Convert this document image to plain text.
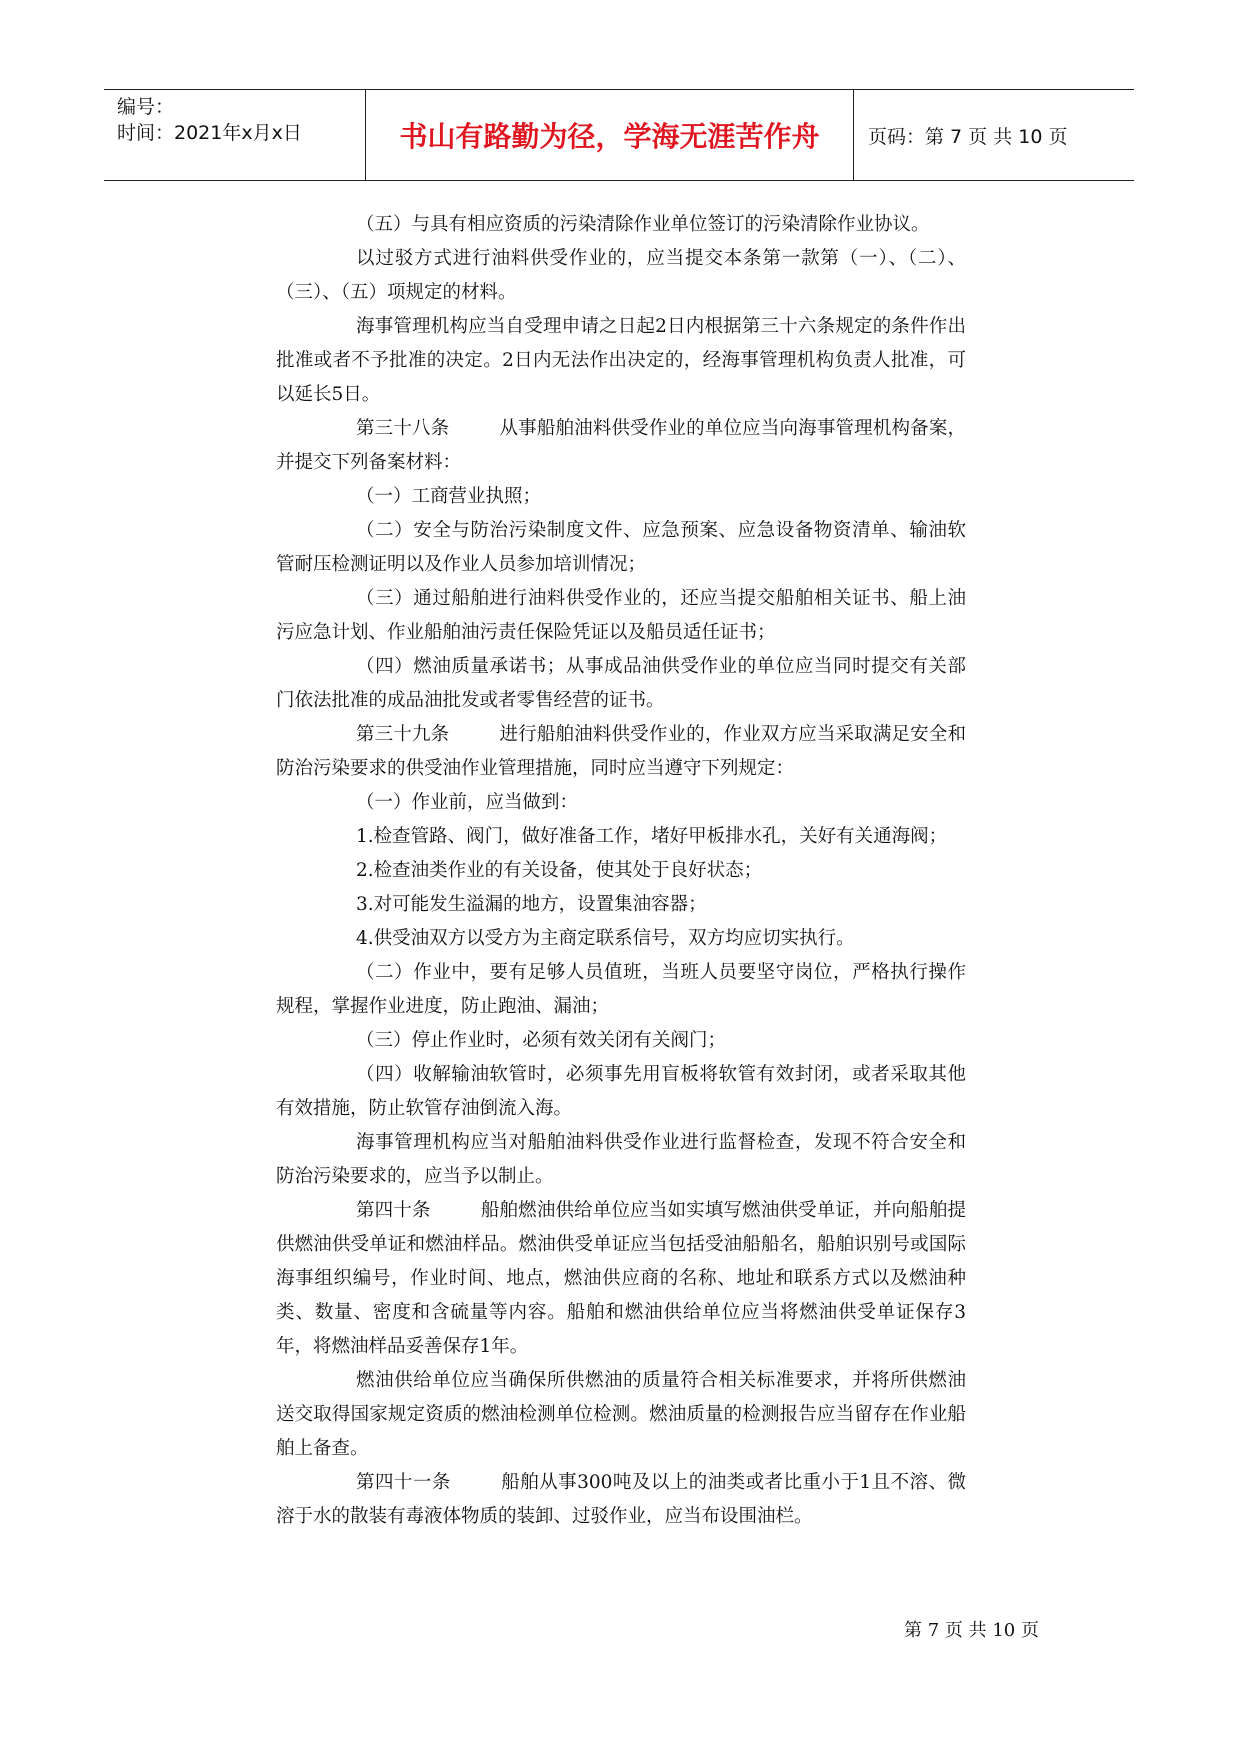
编号：
时间：2021年x月x日	书山有路勤为径，学海无涯苦作舟	页码：第 7 页 共 10 页

（五）与具有相应资质的污染清除作业单位签订的污染清除作业协议。

以过驳方式进行油料供受作业的，应当提交本条第一款第（一）、（二）、（三）、（五）项规定的材料。

海事管理机构应当自受理申请之日起2日内根据第三十六条规定的条件作出批准或者不予批准的决定。2日内无法作出决定的，经海事管理机构负责人批准，可以延长5日。

第三十八条	从事船舶油料供受作业的单位应当向海事管理机构备案，并提交下列备案材料：

（一）工商营业执照；

（二）安全与防治污染制度文件、应急预案、应急设备物资清单、输油软管耐压检测证明以及作业人员参加培训情况；

（三）通过船舶进行油料供受作业的，还应当提交船舶相关证书、船上油污应急计划、作业船舶油污责任保险凭证以及船员适任证书；

（四）燃油质量承诺书；从事成品油供受作业的单位应当同时提交有关部门依法批准的成品油批发或者零售经营的证书。

第三十九条	进行船舶油料供受作业的，作业双方应当采取满足安全和防治污染要求的供受油作业管理措施，同时应当遵守下列规定：

（一）作业前，应当做到：

1.检查管路、阀门，做好准备工作，堵好甲板排水孔，关好有关通海阀；

2.检查油类作业的有关设备，使其处于良好状态；

3.对可能发生溢漏的地方，设置集油容器；

4.供受油双方以受方为主商定联系信号，双方均应切实执行。

（二）作业中，要有足够人员值班，当班人员要坚守岗位，严格执行操作规程，掌握作业进度，防止跑油、漏油；

（三）停止作业时，必须有效关闭有关阀门；

（四）收解输油软管时，必须事先用盲板将软管有效封闭，或者采取其他有效措施，防止软管存油倒流入海。

海事管理机构应当对船舶油料供受作业进行监督检查，发现不符合安全和防治污染要求的，应当予以制止。

第四十条	船舶燃油供给单位应当如实填写燃油供受单证，并向船舶提供燃油供受单证和燃油样品。燃油供受单证应当包括受油船船名，船舶识别号或国际海事组织编号，作业时间、地点，燃油供应商的名称、地址和联系方式以及燃油种类、数量、密度和含硫量等内容。船舶和燃油供给单位应当将燃油供受单证保存3年，将燃油样品妥善保存1年。

燃油供给单位应当确保所供燃油的质量符合相关标准要求，并将所供燃油送交取得国家规定资质的燃油检测单位检测。燃油质量的检测报告应当留存在作业船舶上备查。

第四十一条	船舶从事300吨及以上的油类或者比重小于1且不溶、微溶于水的散装有毒液体物质的装卸、过驳作业，应当布设围油栏。

第 7 页 共 10 页
